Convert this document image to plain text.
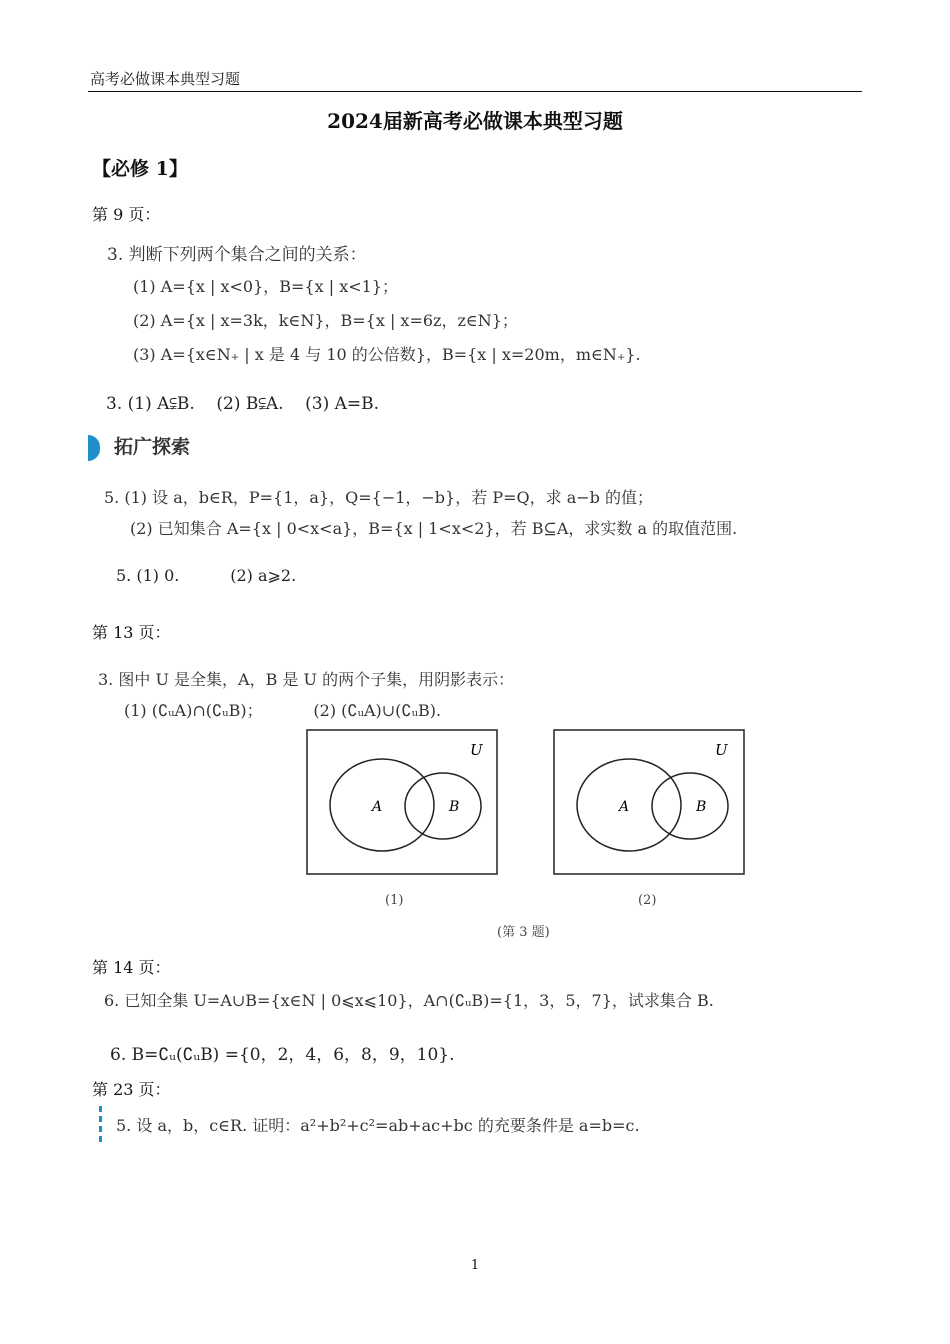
高考必做课本典型习题
2024届新高考必做课本典型习题
【必修 1】
第 9 页：
3. 判断下列两个集合之间的关系：
(1) A={x | x<0}，B={x | x<1}；
(2) A={x | x=3k，k∈N}，B={x | x=6z，z∈N}；
(3) A={x∈N₊ | x 是 4 与 10 的公倍数}，B={x | x=20m，m∈N₊}.
3. (1) A⫋B.    (2) B⫋A.    (3) A=B.
拓广探索
5. (1) 设 a，b∈R，P={1，a}，Q={−1，−b}，若 P=Q，求 a−b 的值；
(2) 已知集合 A={x | 0<x<a}，B={x | 1<x<2}，若 B⊆A，求实数 a 的取值范围.
5. (1) 0.          (2) a⩾2.
第 13 页：
3. 图中 U 是全集，A，B 是 U 的两个子集，用阴影表示：
(1) (∁ᵤA)∩(∁ᵤB)；          (2) (∁ᵤA)∪(∁ᵤB).
U
A	B
U
A	B
(1)	(2)
(第 3 题)
第 14 页：
6. 已知全集 U=A∪B={x∈N | 0⩽x⩽10}，A∩(∁ᵤB)={1，3，5，7}，试求集合 B.
6. B=∁ᵤ(∁ᵤB) ={0，2，4，6，8，9，10}.
第 23 页：
5. 设 a，b，c∈R. 证明：a²+b²+c²=ab+ac+bc 的充要条件是 a=b=c.
1
